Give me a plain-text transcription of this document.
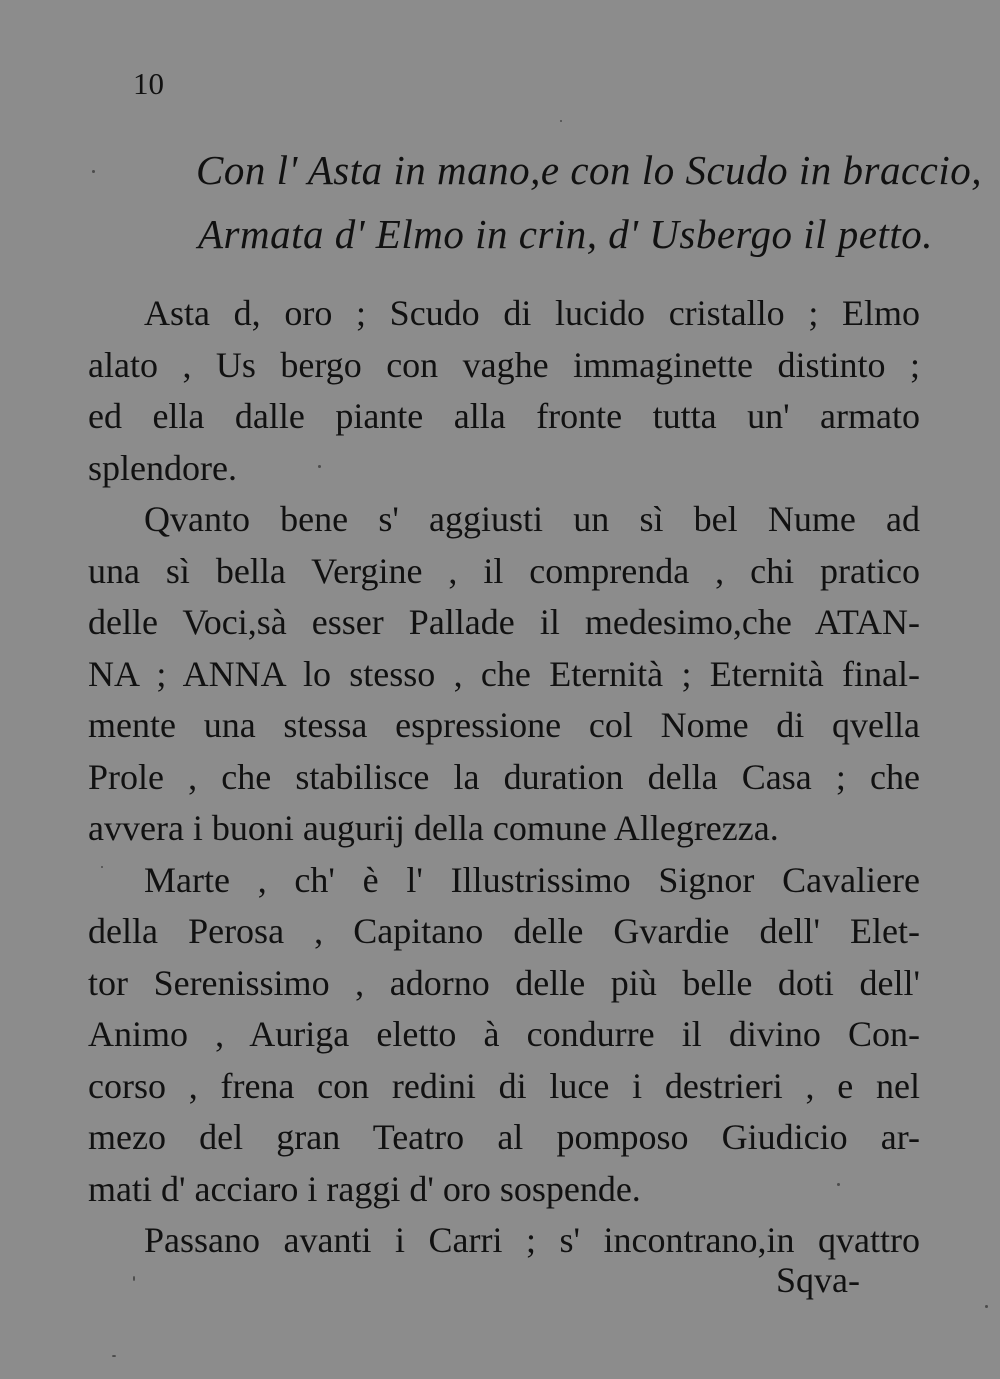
10
Con l' Asta in mano,e con lo Scudo in braccio,
Armata d' Elmo in crin, d' Usbergo il petto.
Asta d, oro ; Scudo di lucido cristallo ; Elmo
alato , Us bergo con vaghe immaginette distinto ;
ed ella dalle piante alla fronte tutta un' armato
splendore.
Qvanto bene s' aggiusti un sì bel Nume ad
una sì bella Vergine , il comprenda , chi pratico
delle Voci,sà esser Pallade il medesimo,che ATAN-
NA ; ANNA lo stesso , che Eternità ; Eternità final-
mente una stessa espressione col Nome di qvella
Prole , che stabilisce la duration della Casa ; che
avvera i buoni augurij della comune Allegrezza.
Marte , ch' è l' Illustrissimo Signor Cavaliere
della Perosa , Capitano delle Gvardie dell' Elet-
tor Serenissimo , adorno delle più belle doti dell'
Animo , Auriga eletto à condurre il divino Con-
corso , frena con redini di luce i destrieri , e nel
mezo del gran Teatro al pomposo Giudicio ar-
mati d' acciaro i raggi d' oro sospende.
Passano avanti i Carri ; s' incontrano,in qvattro
Sqva-
